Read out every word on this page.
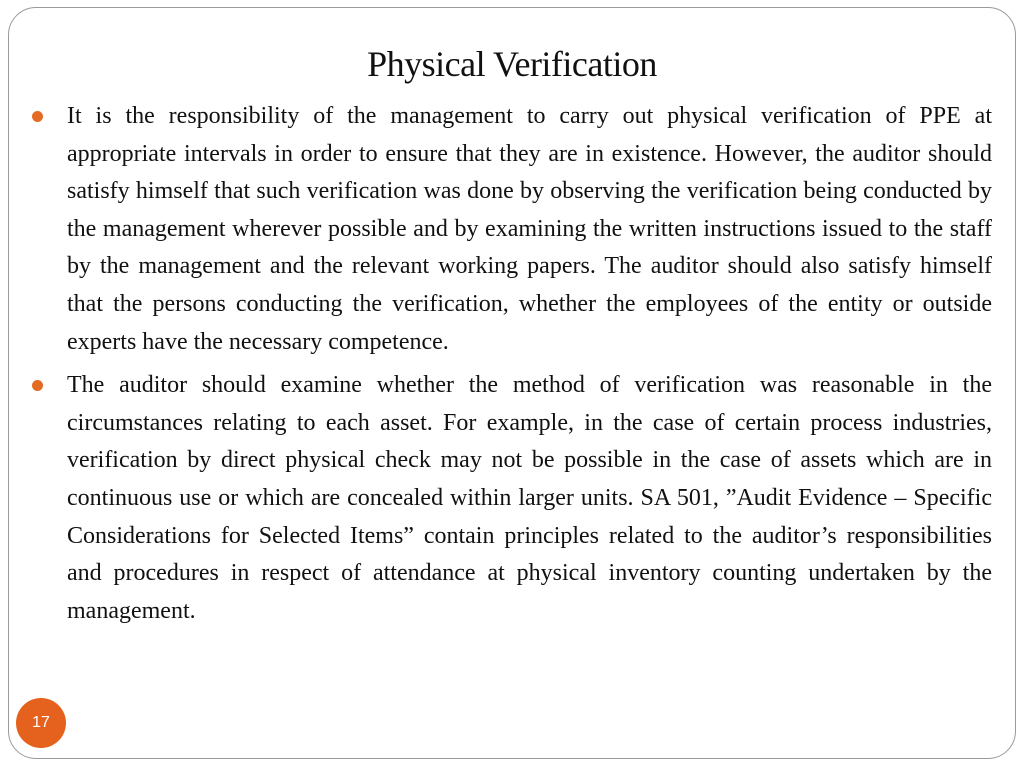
Physical Verification
It is the responsibility of the management to carry out physical verification of PPE at appropriate intervals in order to ensure that they are in existence. However, the auditor should satisfy himself that such verification was done by observing the verification being conducted by the management wherever possible and by examining the written instructions issued to the staff by the management and the relevant working papers. The auditor should also satisfy himself that the persons conducting the verification, whether the employees of the entity or outside experts have the necessary competence.
The auditor should examine whether the method of verification was reasonable in the circumstances relating to each asset. For example, in the case of certain process industries, verification by direct physical check may not be possible in the case of assets which are in continuous use or which are concealed within larger units. SA 501, ”Audit Evidence – Specific Considerations for Selected Items” contain principles related to the auditor’s responsibilities and procedures in respect of attendance at physical inventory counting undertaken by the management.
17
